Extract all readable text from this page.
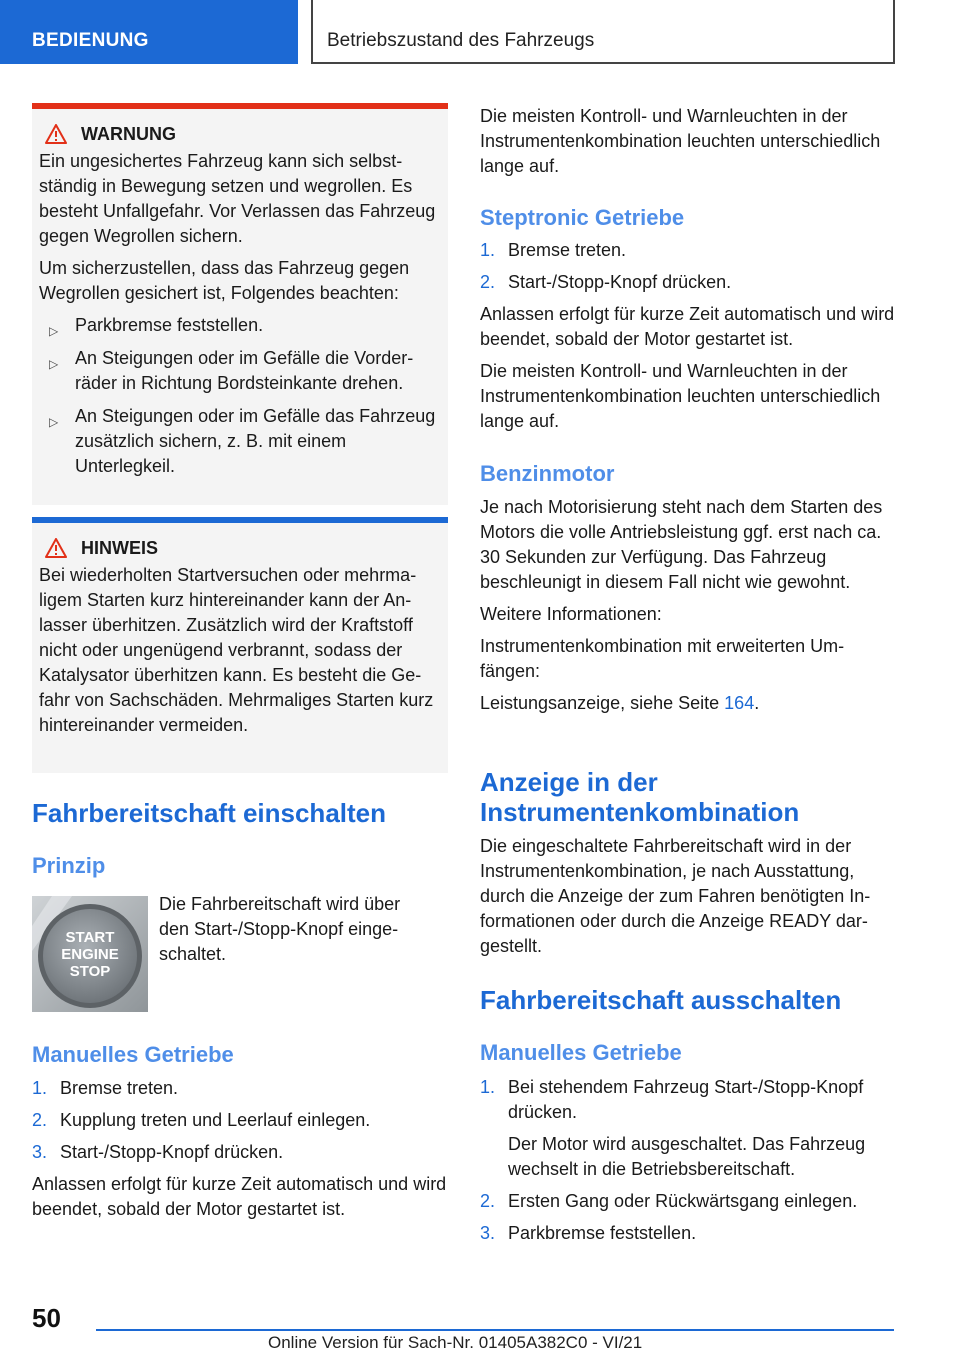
BEDIENUNG	Betriebszustand des Fahrzeugs
WARNUNG

Ein ungesichertes Fahrzeug kann sich selbstständig in Bewegung setzen und wegrollen. Es besteht Unfallgefahr. Vor Verlassen das Fahrzeug gegen Wegrollen sichern.

Um sicherzustellen, dass das Fahrzeug gegen Wegrollen gesichert ist, Folgendes beachten:

▷ Parkbremse feststellen.
▷ An Steigungen oder im Gefälle die Vorderräder in Richtung Bordsteinkante drehen.
▷ An Steigungen oder im Gefälle das Fahrzeug zusätzlich sichern, z. B. mit einem Unterlegkeil.
HINWEIS

Bei wiederholten Startversuchen oder mehrmaligem Starten kurz hintereinander kann der Anlasser überhitzen. Zusätzlich wird der Kraftstoff nicht oder ungenügend verbrannt, sodass der Katalysator überhitzen kann. Es besteht die Gefahr von Sachschäden. Mehrmaliges Starten kurz hintereinander vermeiden.

Fahrbereitschaft einschalten
Prinzip
START
ENGINE
STOP

Die Fahrbereitschaft wird über den Start-/Stopp-Knopf eingeschaltet.

Manuelles Getriebe
1. Bremse treten.
2. Kupplung treten und Leerlauf einlegen.
3. Start-/Stopp-Knopf drücken.

Anlassen erfolgt für kurze Zeit automatisch und wird beendet, sobald der Motor gestartet ist.

Die meisten Kontroll- und Warnleuchten in der Instrumentenkombination leuchten unterschiedlich lange auf.

Steptronic Getriebe
1. Bremse treten.
2. Start-/Stopp-Knopf drücken.

Anlassen erfolgt für kurze Zeit automatisch und wird beendet, sobald der Motor gestartet ist.

Die meisten Kontroll- und Warnleuchten in der Instrumentenkombination leuchten unterschiedlich lange auf.

Benzinmotor

Je nach Motorisierung steht nach dem Starten des Motors die volle Antriebsleistung ggf. erst nach ca. 30 Sekunden zur Verfügung. Das Fahrzeug beschleunigt in diesem Fall nicht wie gewohnt.

Weitere Informationen:

Instrumentenkombination mit erweiterten Umfängen:

Leistungsanzeige, siehe Seite 164.

Anzeige in der
Instrumentenkombination

Die eingeschaltete Fahrbereitschaft wird in der Instrumentenkombination, je nach Ausstattung, durch die Anzeige der zum Fahren benötigten Informationen oder durch die Anzeige READY dargestellt.

Fahrbereitschaft ausschalten
Manuelles Getriebe
1. Bei stehendem Fahrzeug Start-/Stopp-Knopf drücken.

Der Motor wird ausgeschaltet. Das Fahrzeug wechselt in die Betriebsbereitschaft.

2. Ersten Gang oder Rückwärtsgang einlegen.
3. Parkbremse feststellen.
50
Online Version für Sach-Nr. 01405A382C0 - VI/21
